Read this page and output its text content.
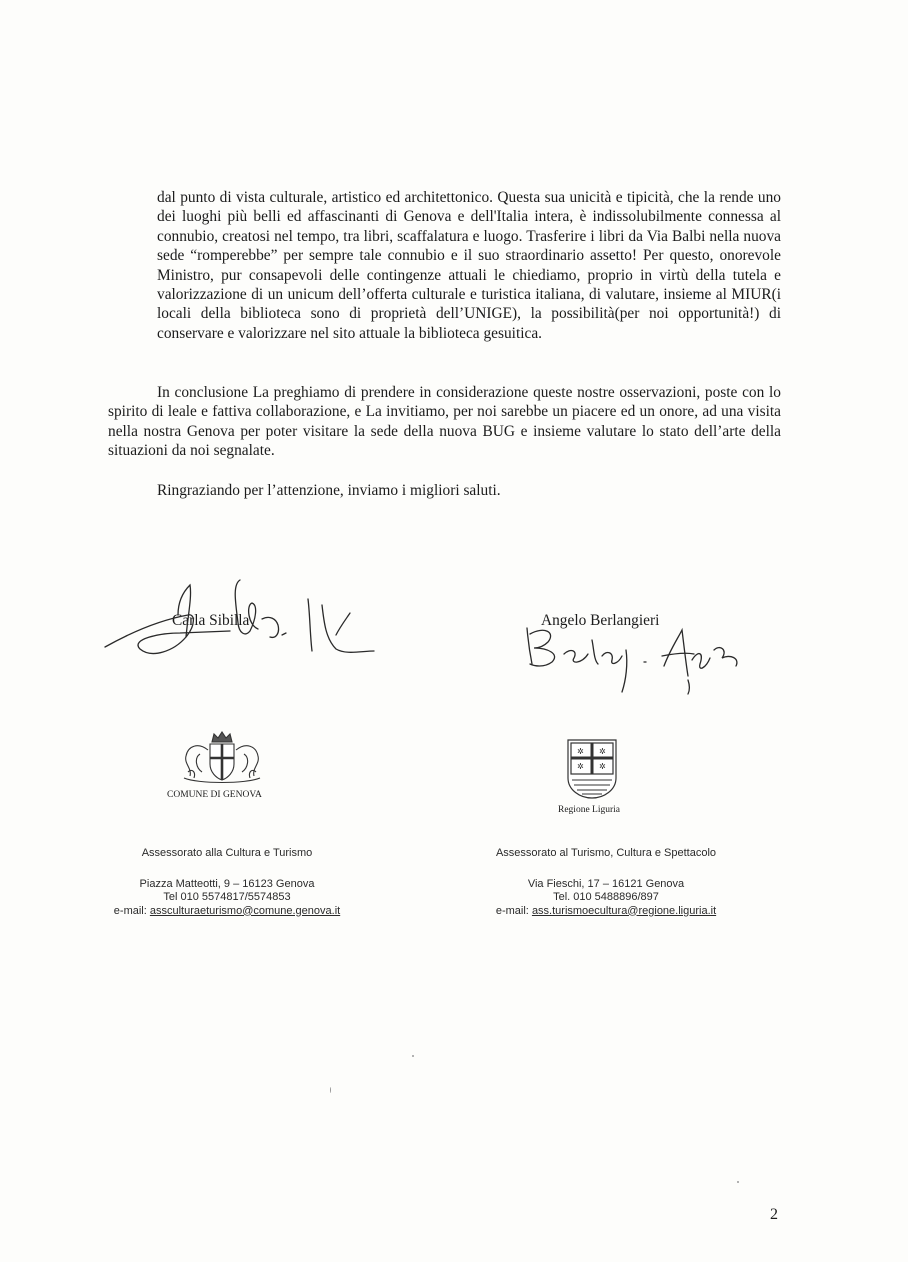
dal punto di vista culturale, artistico ed architettonico. Questa sua unicità e tipicità, che la rende uno dei luoghi più belli ed affascinanti di Genova e dell'Italia intera, è indissolubilmente connessa al connubio, creatosi nel tempo, tra libri, scaffalatura e luogo. Trasferire i libri da Via Balbi nella nuova sede “romperebbe” per sempre tale connubio e il suo straordinario assetto! Per questo, onorevole Ministro, pur consapevoli delle contingenze attuali le chiediamo, proprio in virtù della tutela e valorizzazione di un unicum dell’offerta culturale e turistica italiana, di valutare, insieme al MIUR(i locali della biblioteca sono di proprietà dell’UNIGE), la possibilità(per noi opportunità!) di conservare e valorizzare nel sito attuale la biblioteca gesuitica.

In conclusione La preghiamo di prendere in considerazione queste nostre osservazioni, poste con lo spirito di leale e fattiva collaborazione, e La invitiamo, per noi sarebbe un piacere ed un onore, ad una visita nella nostra Genova per poter visitare la sede della nuova BUG e insieme valutare lo stato dell’arte della situazioni da noi segnalate.

Ringraziando per l’attenzione, inviamo i migliori saluti.

Carla Sibilla	Angelo Berlangieri
COMUNE DI GENOVA
✲ ✲
✲ ✲
Regione Liguria
Assessorato alla Cultura e Turismo
Piazza Matteotti, 9 – 16123 Genova
Tel 010 5574817/5574853
e-mail: assculturaeturismo@comune.genova.it
Assessorato al Turismo, Cultura e Spettacolo
Via Fieschi, 17 – 16121 Genova
Tel. 010 5488896/897
e-mail: ass.turismoecultura@regione.liguria.it
2
